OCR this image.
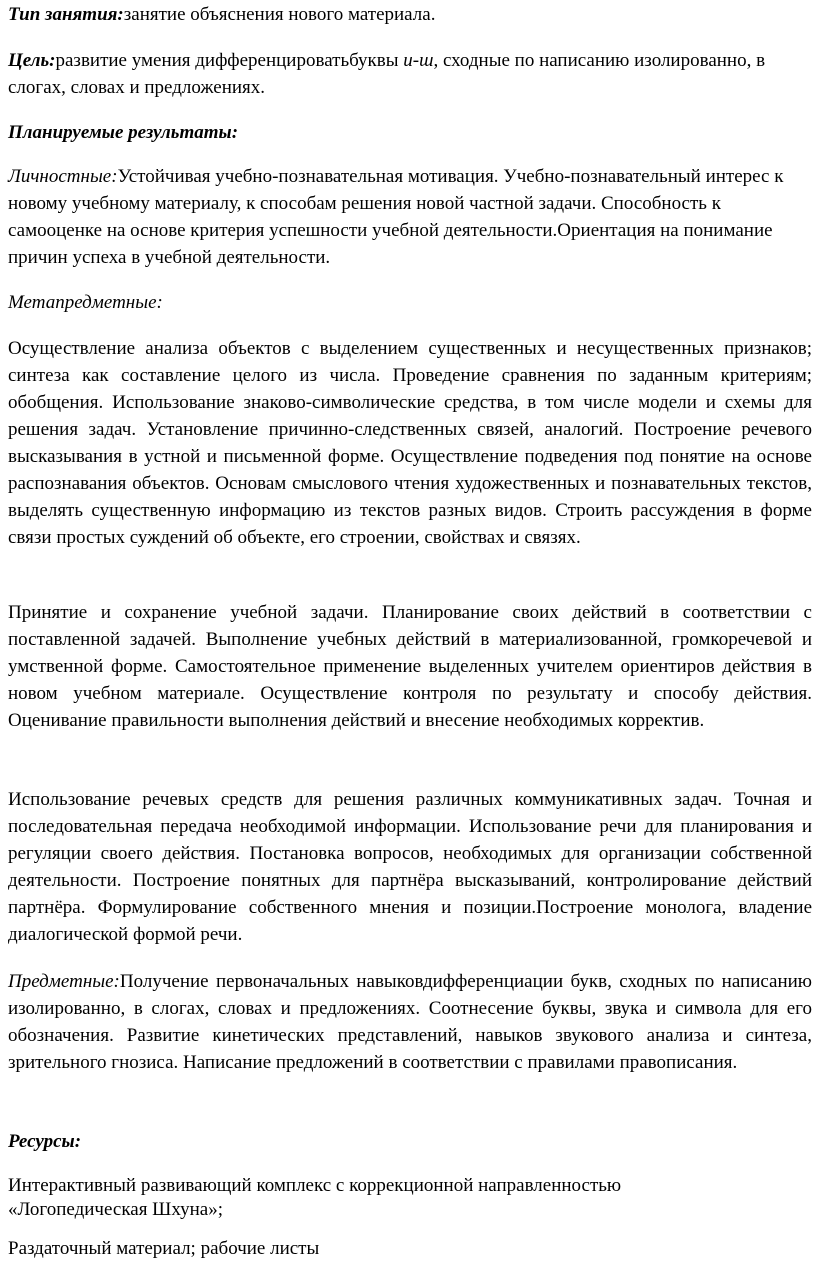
Тип занятия:занятие объяснения нового материала.

Цель:развитие умения дифференцироватьбуквы и-ш, сходные по написанию изолированно, в слогах, словах и предложениях.

Планируемые результаты:

Личностные:Устойчивая учебно-познавательная мотивация. Учебно-познавательный интерес к новому учебному материалу, к способам решения новой частной задачи. Способность к самооценке на основе критерия успешности учебной деятельности.Ориентация на понимание причин успеха в учебной деятельности.

Метапредметные:

Осуществление анализа объектов с выделением существенных и несущественных признаков; синтеза как составление целого из числа. Проведение сравнения по заданным критериям; обобщения. Использование знаково-символические средства, в том числе модели и схемы для решения задач. Установление причинно-следственных связей, аналогий. Построение речевого высказывания в устной и письменной форме. Осуществление подведения под понятие на основе распознавания объектов. Основам смыслового чтения художественных и познавательных текстов, выделять существенную информацию из текстов разных видов. Строить рассуждения в форме связи простых суждений об объекте, его строении, свойствах и связях.

Принятие и сохранение учебной задачи. Планирование своих действий в соответствии с поставленной задачей. Выполнение учебных действий в материализованной, громкоречевой и умственной форме. Самостоятельное применение выделенных учителем ориентиров действия в новом учебном материале. Осуществление контроля по результату и способу действия. Оценивание правильности выполнения действий и внесение необходимых корректив.

Использование речевых средств для решения различных коммуникативных задач. Точная и последовательная передача необходимой информации. Использование речи для планирования и регуляции своего действия. Постановка вопросов, необходимых для организации собственной деятельности. Построение понятных для партнёра высказываний, контролирование действий партнёра. Формулирование собственного мнения и позиции.Построение монолога, владение диалогической формой речи.

Предметные:Получение первоначальных навыковдифференциации букв, сходных по написанию изолированно, в слогах, словах и предложениях. Соотнесение буквы, звука и символа для его обозначения. Развитие кинетических представлений, навыков звукового анализа и синтеза, зрительного гнозиса. Написание предложений в соответствии с правилами правописания.

Ресурсы:

Интерактивный развивающий комплекс с коррекционной направленностью «Логопедическая Шхуна»;

Раздаточный материал; рабочие листы
